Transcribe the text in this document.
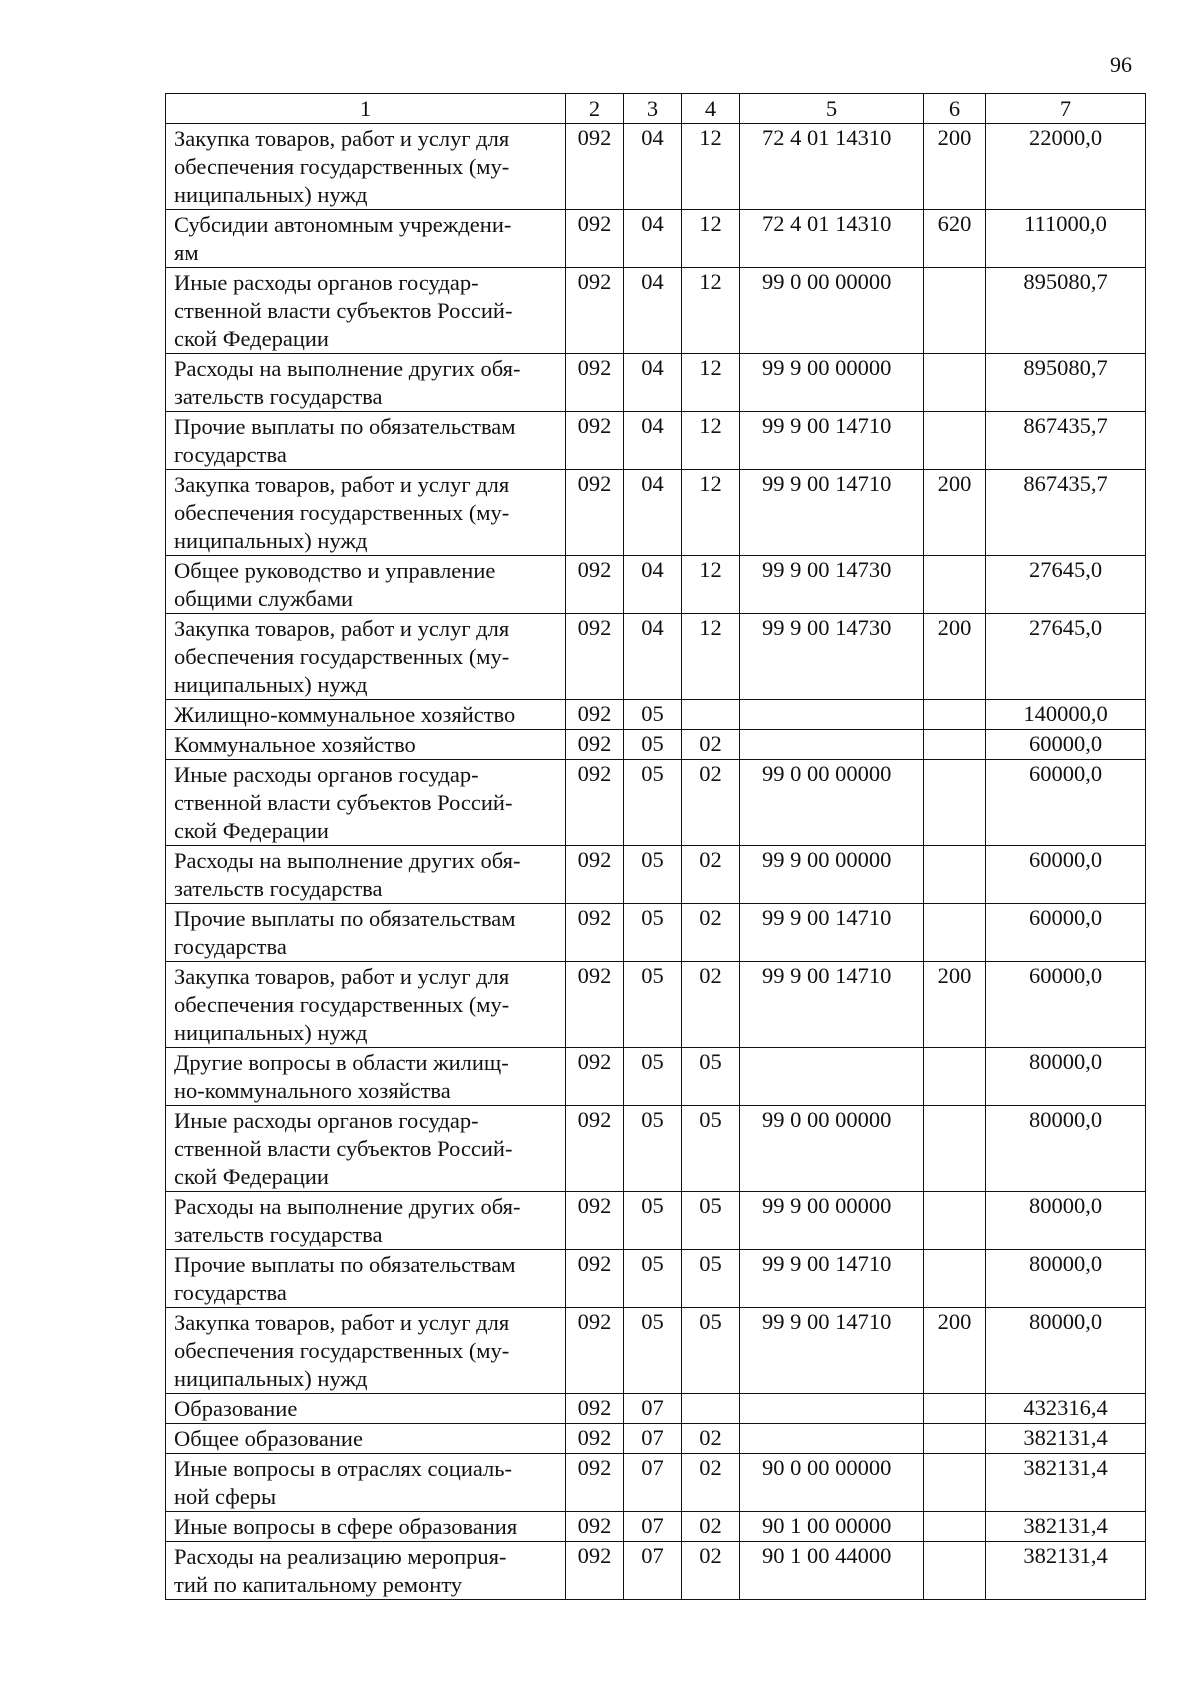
96
1	2	3	4	5	6	7

Закупка товаров, работ и услуг для
обеспечения государственных (му-
ниципальных) нужд	092	04	12	72 4 01 14310	200	22000,0

Субсидии автономным учреждени-
ям	092	04	12	72 4 01 14310	620	111000,0

Иные расходы органов государ-
ственной власти субъектов Россий-
ской Федерации	092	04	12	99 0 00 00000		895080,7

Расходы на выполнение других обя-
зательств государства	092	04	12	99 9 00 00000		895080,7

Прочие выплаты по обязательствам
государства	092	04	12	99 9 00 14710		867435,7

Закупка товаров, работ и услуг для
обеспечения государственных (му-
ниципальных) нужд	092	04	12	99 9 00 14710	200	867435,7

Общее руководство и управление
общими службами	092	04	12	99 9 00 14730		27645,0

Закупка товаров, работ и услуг для
обеспечения государственных (му-
ниципальных) нужд	092	04	12	99 9 00 14730	200	27645,0

Жилищно-коммунальное хозяйство	092	05				140000,0

Коммунальное хозяйство	092	05	02			60000,0

Иные расходы органов государ-
ственной власти субъектов Россий-
ской Федерации	092	05	02	99 0 00 00000		60000,0

Расходы на выполнение других обя-
зательств государства	092	05	02	99 9 00 00000		60000,0

Прочие выплаты по обязательствам
государства	092	05	02	99 9 00 14710		60000,0

Закупка товаров, работ и услуг для
обеспечения государственных (му-
ниципальных) нужд	092	05	02	99 9 00 14710	200	60000,0

Другие вопросы в области жилищ-
но-коммунального хозяйства	092	05	05			80000,0

Иные расходы органов государ-
ственной власти субъектов Россий-
ской Федерации	092	05	05	99 0 00 00000		80000,0

Расходы на выполнение других обя-
зательств государства	092	05	05	99 9 00 00000		80000,0

Прочие выплаты по обязательствам
государства	092	05	05	99 9 00 14710		80000,0

Закупка товаров, работ и услуг для
обеспечения государственных (му-
ниципальных) нужд	092	05	05	99 9 00 14710	200	80000,0

Образование	092	07				432316,4

Общее образование	092	07	02			382131,4

Иные вопросы в отраслях социаль-
ной сферы	092	07	02	90 0 00 00000		382131,4

Иные вопросы в сфере образования	092	07	02	90 1 00 00000		382131,4

Расходы на реализацию меропрuя-
тий по капитальному ремонту	092	07	02	90 1 00 44000		382131,4
